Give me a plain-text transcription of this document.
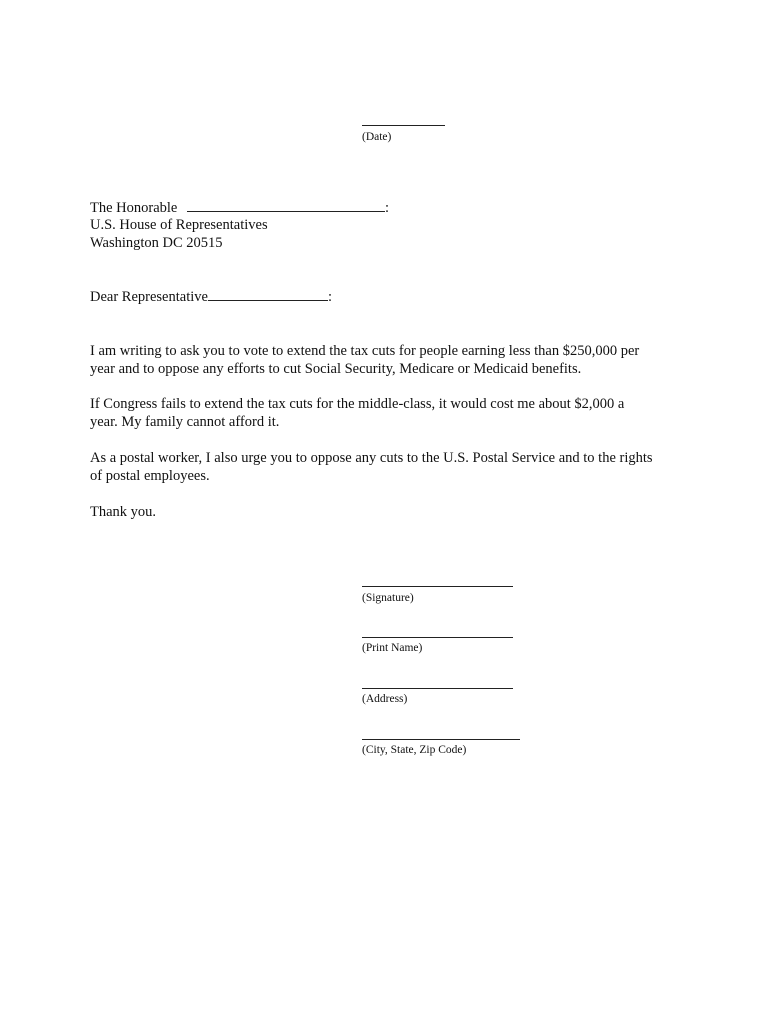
(Date)
The Honorable	:
U.S. House of Representatives
Washington DC 20515
Dear Representative	:
I am writing to ask you to vote to extend the tax cuts for people earning less than $250,000 per
year and to oppose any efforts to cut Social Security, Medicare or Medicaid benefits.
If Congress fails to extend the tax cuts for the middle-class, it would cost me about $2,000 a
year. My family cannot afford it.
As a postal worker, I also urge you to oppose any cuts to the U.S. Postal Service and to the rights
of postal employees.
Thank you.
(Signature)
(Print Name)
(Address)
(City, State, Zip Code)
